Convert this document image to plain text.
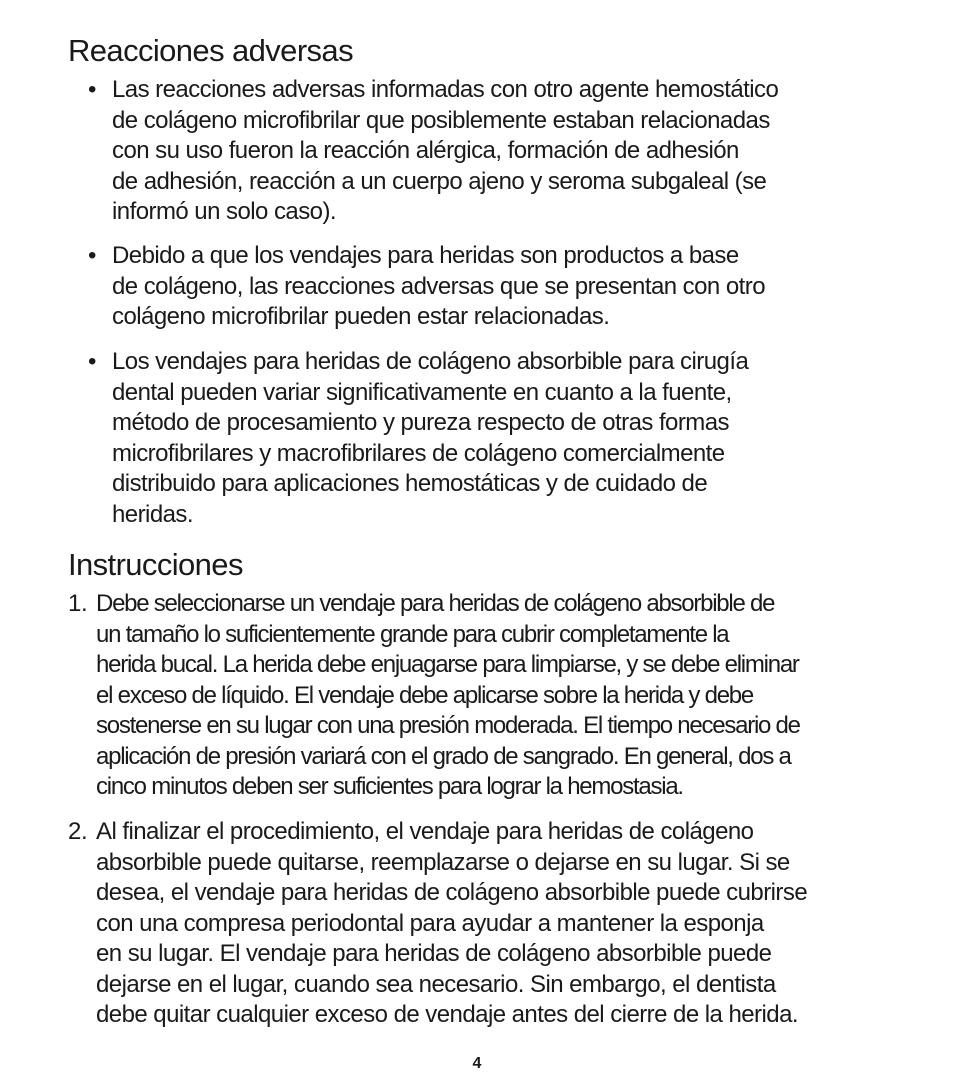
Reacciones adversas
• Las reacciones adversas informadas con otro agente hemostático
de colágeno microfibrilar que posiblemente estaban relacionadas
con su uso fueron la reacción alérgica, formación de adhesión
de adhesión, reacción a un cuerpo ajeno y seroma subgaleal (se
informó un solo caso).
• Debido a que los vendajes para heridas son productos a base
de colágeno, las reacciones adversas que se presentan con otro
colágeno microfibrilar pueden estar relacionadas.
• Los vendajes para heridas de colágeno absorbible para cirugía
dental pueden variar significativamente en cuanto a la fuente,
método de procesamiento y pureza respecto de otras formas
microfibrilares y macrofibrilares de colágeno comercialmente
distribuido para aplicaciones hemostáticas y de cuidado de
heridas.
Instrucciones
1. Debe seleccionarse un vendaje para heridas de colágeno absorbible de
un tamaño lo suficientemente grande para cubrir completamente la
herida bucal. La herida debe enjuagarse para limpiarse, y se debe eliminar
el exceso de líquido. El vendaje debe aplicarse sobre la herida y debe
sostenerse en su lugar con una presión moderada. El tiempo necesario de
aplicación de presión variará con el grado de sangrado. En general, dos a
cinco minutos deben ser suficientes para lograr la hemostasia.
2. Al finalizar el procedimiento, el vendaje para heridas de colágeno
absorbible puede quitarse, reemplazarse o dejarse en su lugar. Si se
desea, el vendaje para heridas de colágeno absorbible puede cubrirse
con una compresa periodontal para ayudar a mantener la esponja
en su lugar. El vendaje para heridas de colágeno absorbible puede
dejarse en el lugar, cuando sea necesario. Sin embargo, el dentista
debe quitar cualquier exceso de vendaje antes del cierre de la herida.
4
